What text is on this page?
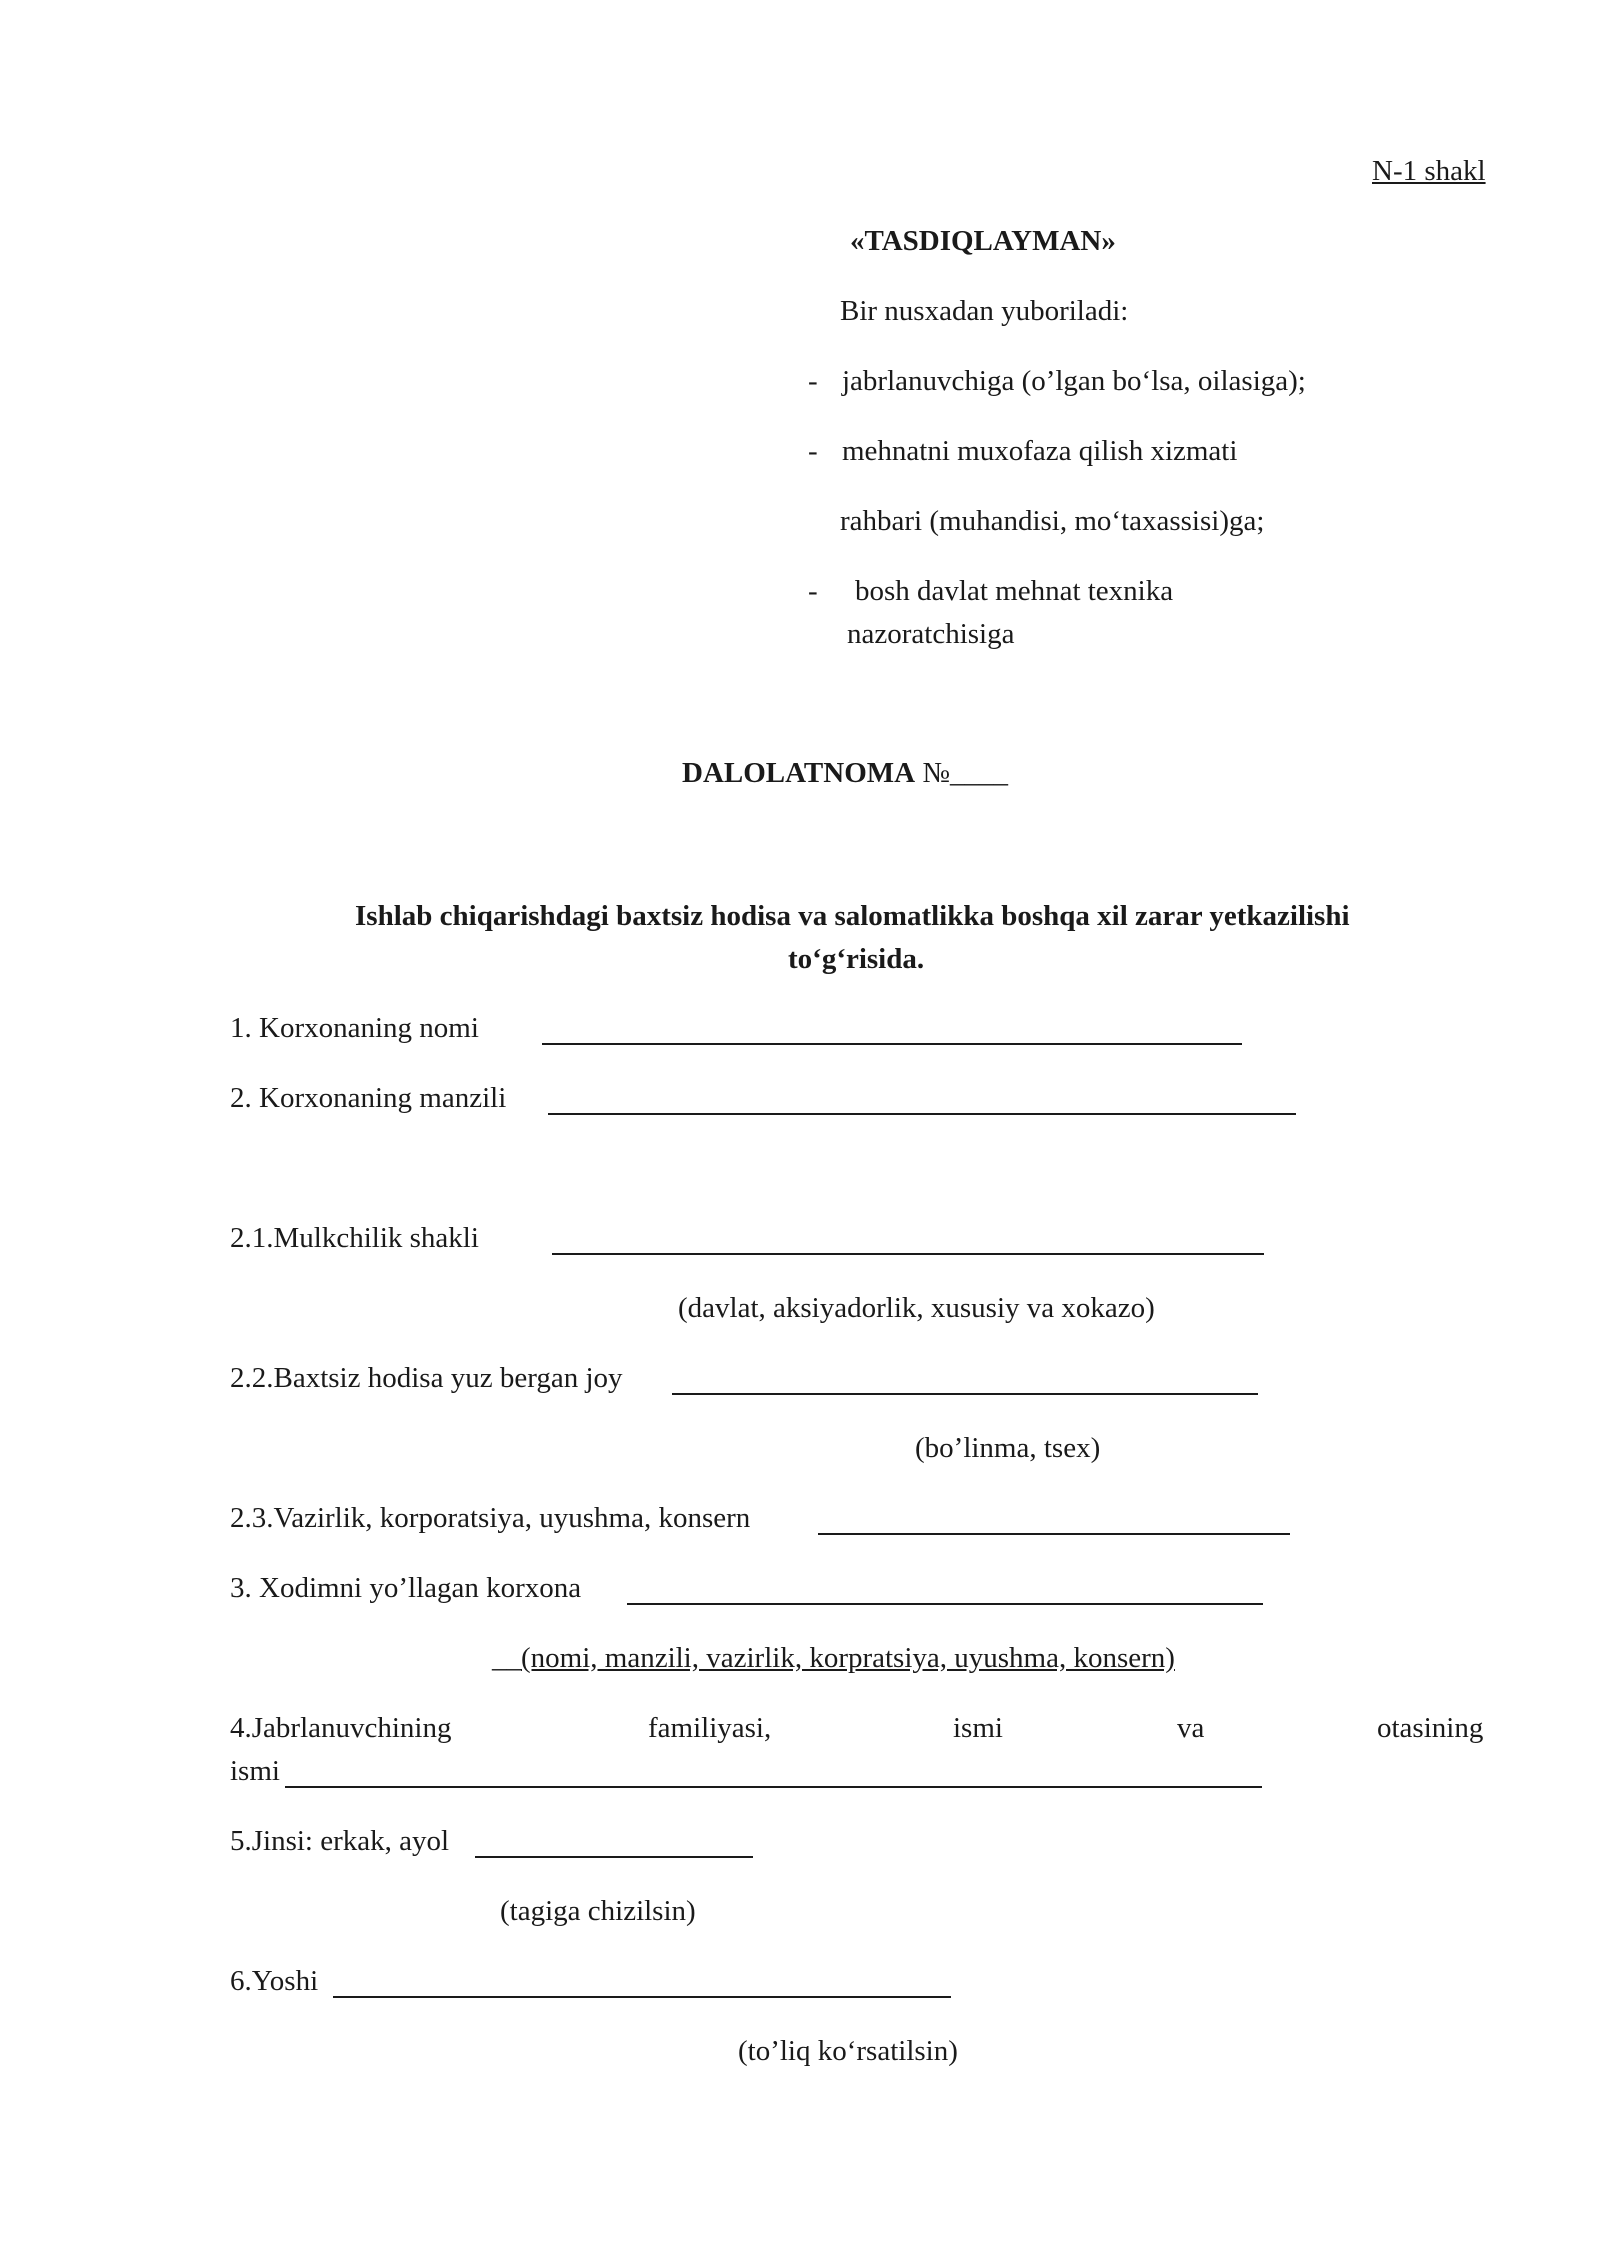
N-1 shakl
«TASDIQLAYMAN»
Bir nusxadan yuboriladi:
- jabrlanuvchiga (o’lgan bo‘lsa, oilasiga);
- mehnatni muxofaza qilish xizmati
rahbari (muhandisi, mo‘taxassisi)ga;
- bosh davlat mehnat texnika
nazoratchisiga
DALOLATNOMA №____
Ishlab chiqarishdagi baxtsiz hodisa va salomatlikka boshqa xil zarar yetkazilishi
to‘g‘risida.
1. Korxonaning nomi
2. Korxonaning manzili
2.1.Mulkchilik shakli
(davlat, aksiyadorlik, xususiy va xokazo)
2.2.Baxtsiz hodisa yuz bergan joy
(bo’linma, tsex)
2.3.Vazirlik, korporatsiya, uyushma, konsern
3. Xodimni yo’llagan korxona
__(nomi, manzili, vazirlik, korpratsiya, uyushma, konsern)
4.Jabrlanuvchining	familiyasi,	ismi	va	otasining
ismi
5.Jinsi: erkak, ayol
(tagiga chizilsin)
6.Yoshi
(to’liq ko‘rsatilsin)
